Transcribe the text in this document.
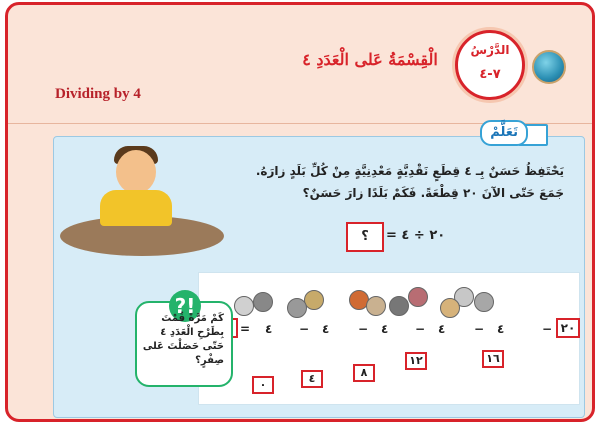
الْقِسْمَةُ عَلى الْعَدَدِ ٤
Dividing by 4
الدَّرْسُ
٧-٤
تَعَلَّمْ
يَحْتَفِظُ حَسَنٌ بِـ ٤ قِطَعٍ نَقْدِيَّةٍ مَعْدِنِيَّةٍ مِنْ كُلِّ بَلَدٍ زارَهُ.
جَمَعَ حَتّى الآنَ ٢٠ قِطْعَةً. فَكَمْ بَلَدًا زارَ حَسَنٌ؟
؟	٢٠ ÷ ٤ =
−
٤
−
٤
−
٤
−
٤
−
٤
=	٢٠
١٦
١٢
٨
٤
٠
?!
كَمْ مَرَّةً قُمْتَ بِطَرْحِ الْعَدَدِ ٤ حَتّى حَصَلْتَ عَلى صِفْرٍ؟
